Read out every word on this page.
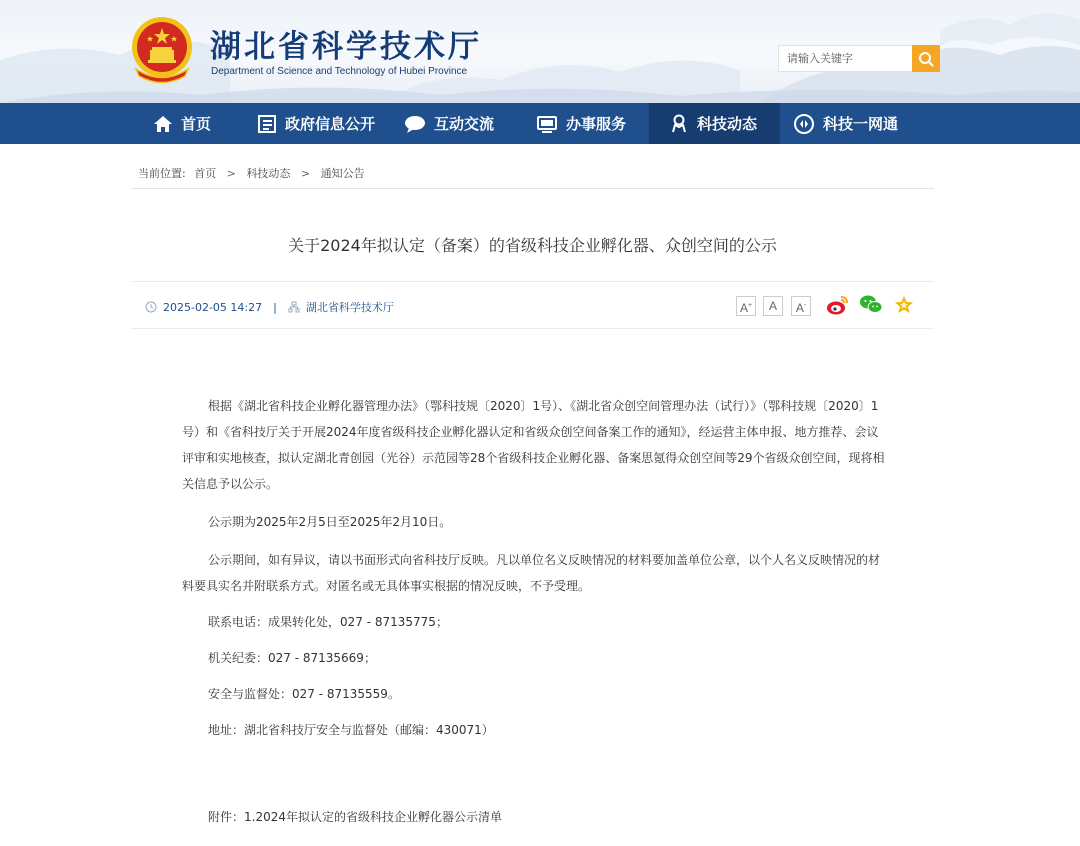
湖北省科学技术厅
Department of Science and Technology of Hubei Province
请输入关键字
首页	政府信息公开	互动交流	办事服务	科技动态	科技一网通
当前位置: 首页 > 科技动态 > 通知公告
关于2024年拟认定（备案）的省级科技企业孵化器、众创空间的公示
2025-02-05 14:27 |	湖北省科学技术厅	A+	A	A-

根据《湖北省科技企业孵化器管理办法》（鄂科技规〔2020〕1号）、《湖北省众创空间管理办法（试行）》（鄂科技规〔2020〕1号）和《省科技厅关于开展2024年度省级科技企业孵化器认定和省级众创空间备案工作的通知》，经运营主体申报、地方推荐、会议评审和实地核查，拟认定湖北青创园（光谷）示范园等28个省级科技企业孵化器、备案思氪得众创空间等29个省级众创空间，现将相关信息予以公示。

公示期为2025年2月5日至2025年2月10日。

公示期间，如有异议，请以书面形式向省科技厅反映。凡以单位名义反映情况的材料要加盖单位公章，以个人名义反映情况的材料要具实名并附联系方式。对匿名或无具体事实根据的情况反映，不予受理。

联系电话：成果转化处，027 - 87135775；

机关纪委：027 - 87135669；

安全与监督处：027 - 87135559。

地址：湖北省科技厅安全与监督处（邮编：430071）

附件：1.2024年拟认定的省级科技企业孵化器公示清单
